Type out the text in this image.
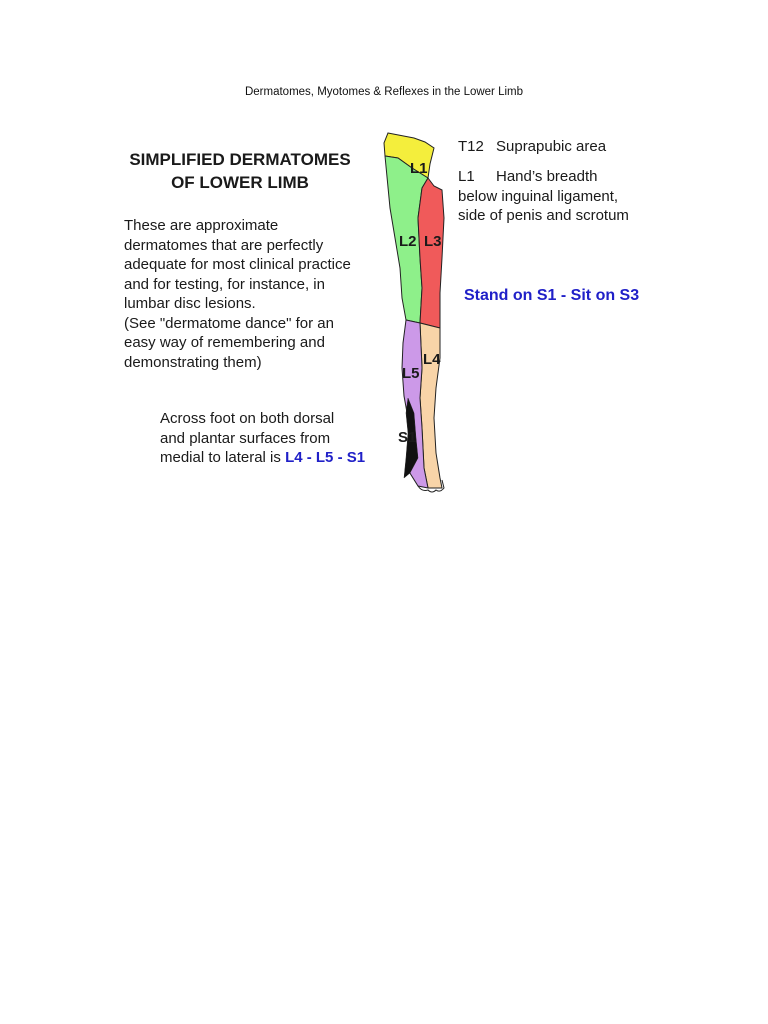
Dermatomes, Myotomes & Reflexes in the Lower Limb
SIMPLIFIED DERMATOMES
OF LOWER LIMB
These are approximate
dermatomes that are perfectly
adequate for most clinical practice
and for testing, for instance, in
lumbar disc lesions.
(See "dermatome dance" for an
easy way of remembering and
demonstrating them)
Across foot on both dorsal
and plantar surfaces from
medial to lateral is L4 - L5 - S1
L1
L2 L3
L4
L5
S1
T12 Suprapubic area
L1 Hand’s breadth
below inguinal ligament,
side of penis and scrotum
Stand on S1 - Sit on S3
